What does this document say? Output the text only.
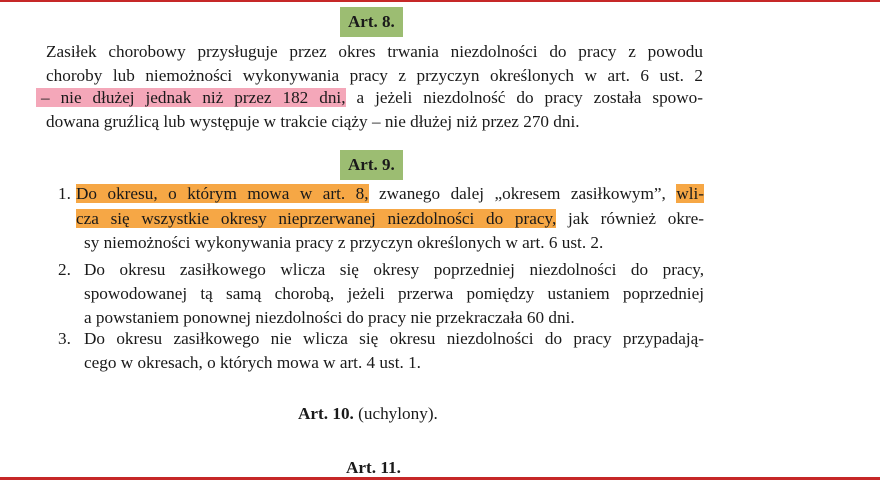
Art. 8.
Zasiłek chorobowy przysługuje przez okres trwania niezdolności do pracy z powodu
choroby lub niemożności wykonywania pracy z przyczyn określonych w art. 6 ust. 2
– nie dłużej jednak niż przez 182 dni, a jeżeli niezdolność do pracy została spowo-
dowana gruźlicą lub występuje w trakcie ciąży – nie dłużej niż przez 270 dni.
Art. 9.
1. Do okresu, o którym mowa w art. 8, zwanego dalej „okresem zasiłkowym”, wli-
cza się wszystkie okresy nieprzerwanej niezdolności do pracy, jak również okre-
sy niemożności wykonywania pracy z przyczyn określonych w art. 6 ust. 2.
2. Do okresu zasiłkowego wlicza się okresy poprzedniej niezdolności do pracy,
spowodowanej tą samą chorobą, jeżeli przerwa pomiędzy ustaniem poprzedniej
a powstaniem ponownej niezdolności do pracy nie przekraczała 60 dni.
3. Do okresu zasiłkowego nie wlicza się okresu niezdolności do pracy przypadają-
cego w okresach, o których mowa w art. 4 ust. 1.
Art. 10. (uchylony).
Art. 11.
